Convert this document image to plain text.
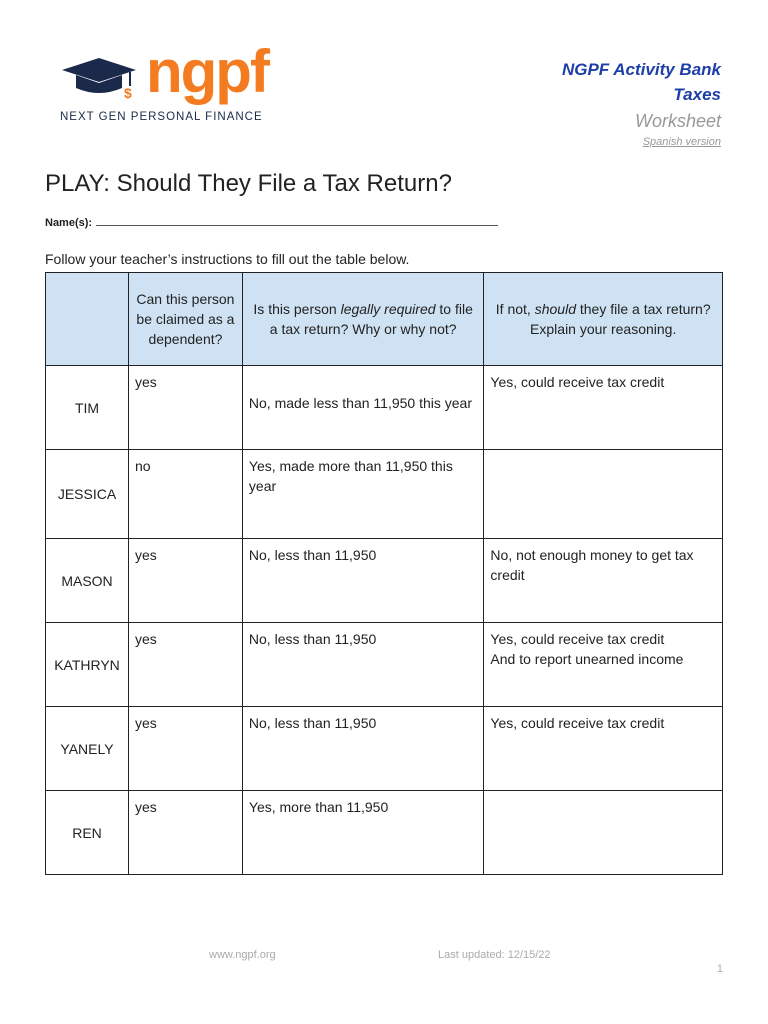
$ ngpf
NEXT GEN PERSONAL FINANCE
NGPF Activity Bank
Taxes
Worksheet
Spanish version
PLAY: Should They File a Tax Return?
Name(s):
Follow your teacher’s instructions to fill out the table below.
	Can this person be claimed as a dependent?	Is this person legally required to file a tax return? Why or why not?	If not, should they file a tax return? Explain your reasoning.
TIM	yes	No, made less than 11,950 this year	Yes, could receive tax credit
JESSICA	no	Yes, made more than 11,950 this year	
MASON	yes	No, less than 11,950	No, not enough money to get tax credit
KATHRYN	yes	No, less than 11,950	Yes, could receive tax credit
And to report unearned income
YANELY	yes	No, less than 11,950	Yes, could receive tax credit
REN	yes	Yes, more than 11,950	
www.ngpf.org	Last updated: 12/15/22
1
